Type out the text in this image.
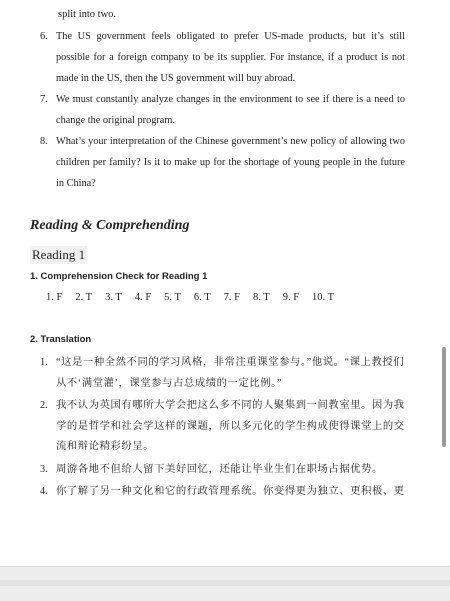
split into two.
6. The US government feels obligated to prefer US-made products, but it’s still possible for a foreign company to be its supplier. For instance, if a product is not made in the US, then the US government will buy abroad.
7. We must constantly analyze changes in the environment to see if there is a need to change the original program.
8. What’s your interpretation of the Chinese government’s new policy of allowing two children per family? Is it to make up for the shortage of young people in the future in China?
Reading & Comprehending
Reading 1
1. Comprehension Check for Reading 1
1. F 2. T 3. T 4. F 5. T 6. T 7. F 8. T 9. F 10. T
2. Translation
1. “这是一种全然不同的学习风格，非常注重课堂参与。”他说。“课上教授们从不‘满堂灌’，课堂参与占总成绩的一定比例。”
2. 我不认为英国有哪所大学会把这么多不同的人聚集到一间教室里。因为我学的是哲学和社会学这样的课题，所以多元化的学生构成使得课堂上的交流和辩论精彩纷呈。
3. 周游各地不但给人留下美好回忆，还能让毕业生们在职场占据优势。
4. 你了解了另一种文化和它的行政管理系统。你变得更为独立、更积极、更
